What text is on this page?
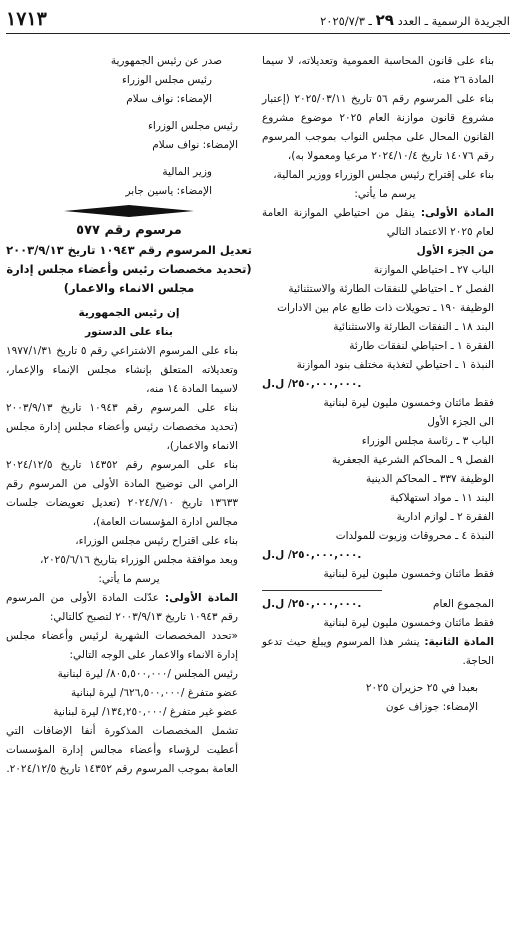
١٧١٣	الجريدة الرسمية ـ العدد ٢٩ ـ ٢٠٢٥/٧/٣
بناء على قانون المحاسبة العمومية وتعديلاته، لا سيما المادة ٢٦ منه،
بناء على المرسوم رقم ٥٦ تاريخ ٢٠٢٥/٠٣/١١ (إعتبار مشروع قانون موازنة العام ٢٠٢٥ موضوع مشروع القانون المحال على مجلس النواب بموجب المرسوم رقم ١٤٠٧٦ تاريخ ٢٠٢٤/١٠/٤ مرعيا ومعمولا به)،
بناء على إقتراح رئيس مجلس الوزراء ووزير المالية،
يرسم ما يأتي:
المادة الأولى: ينقل من احتياطي الموازنة العامة لعام ٢٠٢٥ الاعتماد التالي
من الجزء الأول
الباب ٢٧ ـ احتياطي الموازنة
الفصل ٢ ـ احتياطي للنفقات الطارئة والاستثنائية
الوظيفة ١٩٠ ـ تحويلات ذات طابع عام بين الادارات
البند ١٨ ـ النفقات الطارئة والاستثنائية
الفقرة ١ ـ احتياطي لنفقات طارئة
النبذة ١ ـ احتياطي لتغذية مختلف بنود الموازنة
٢٥٠,٠٠٠,٠٠٠/ ل.ل.
فقط مائتان وخمسون مليون ليرة لبنانية
الى الجزء الأول
الباب ٣ ـ رئاسة مجلس الوزراء
الفصل ٩ ـ المحاكم الشرعية الجعفرية
الوظيفة ٣٣٧ ـ المحاكم الدينية
البند ١١ ـ مواد استهلاكية
الفقرة ٢ ـ لوازم ادارية
النبذة ٤ ـ محروقات وزيوت للمولدات
٢٥٠,٠٠٠,٠٠٠/ ل.ل.
فقط مائتان وخمسون مليون ليرة لبنانية
المجموع العام
٢٥٠,٠٠٠,٠٠٠/ ل.ل.
فقط مائتان وخمسون مليون ليرة لبنانية
المادة الثانية: ينشر هذا المرسوم ويبلغ حيث تدعو الحاجة.
بعبدا في ٢٥ حزيران ٢٠٢٥
الإمضاء: جوزاف عون
صدر عن رئيس الجمهورية
رئيس مجلس الوزراء
الإمضاء: نواف سلام
رئيس مجلس الوزراء
الإمضاء: نواف سلام
وزير المالية
الإمضاء: ياسين جابر
مرسوم رقم ٥٧٧
تعديل المرسوم رقم ١٠٩٤٣ تاريخ ٢٠٠٣/٩/١٣ (تحديد مخصصات رئيس وأعضاء مجلس إدارة مجلس الانماء والاعمار)
إن رئيس الجمهورية
بناء على الدستور
بناء على المرسوم الاشتراعي رقم ٥ تاريخ ١٩٧٧/١/٣١ وتعديلاته المتعلق بإنشاء مجلس الإنماء والإعمار، لاسيما المادة ١٤ منه،
بناء على المرسوم رقم ١٠٩٤٣ تاريخ ٢٠٠٣/٩/١٣ (تحديد مخصصات رئيس وأعضاء مجلس إدارة مجلس الانماء والاعمار)،
بناء على المرسوم رقم ١٤٣٥٢ تاريخ ٢٠٢٤/١٢/٥ الرامي الى توضيح المادة الأولى من المرسوم رقم ١٣٦٣٣ تاريخ ٢٠٢٤/٧/١٠ (تعديل تعويضات جلسات مجالس ادارة المؤسسات العامة)،
بناء على اقتراح رئيس مجلس الوزراء،
وبعد موافقة مجلس الوزراء بتاريخ ٢٠٢٥/٦/١٦،
يرسم ما يأتي:
المادة الأولى: عدّلت المادة الأولى من المرسوم رقم ١٠٩٤٣ تاريخ ٢٠٠٣/٩/١٣ لتصبح كالتالي:
«تحدد المخصصات الشهرية لرئيس وأعضاء مجلس إدارة الانماء والاعمار على الوجه التالي:
رئيس المجلس /٨٠٥,٥٠٠,٠٠٠/ ليرة لبنانية
عضو متفرغ /٦٢٦,٥٠٠,٠٠٠/ ليرة لبنانية
عضو غير متفرغ /١٣٤,٢٥٠,٠٠٠/ ليرة لبنانية
تشمل المخصصات المذكورة أنفا الإضافات التي أعطيت لرؤساء وأعضاء مجالس إدارة المؤسسات العامة بموجب المرسوم رقم ١٤٣٥٢ تاريخ ٢٠٢٤/١٢/٥.
